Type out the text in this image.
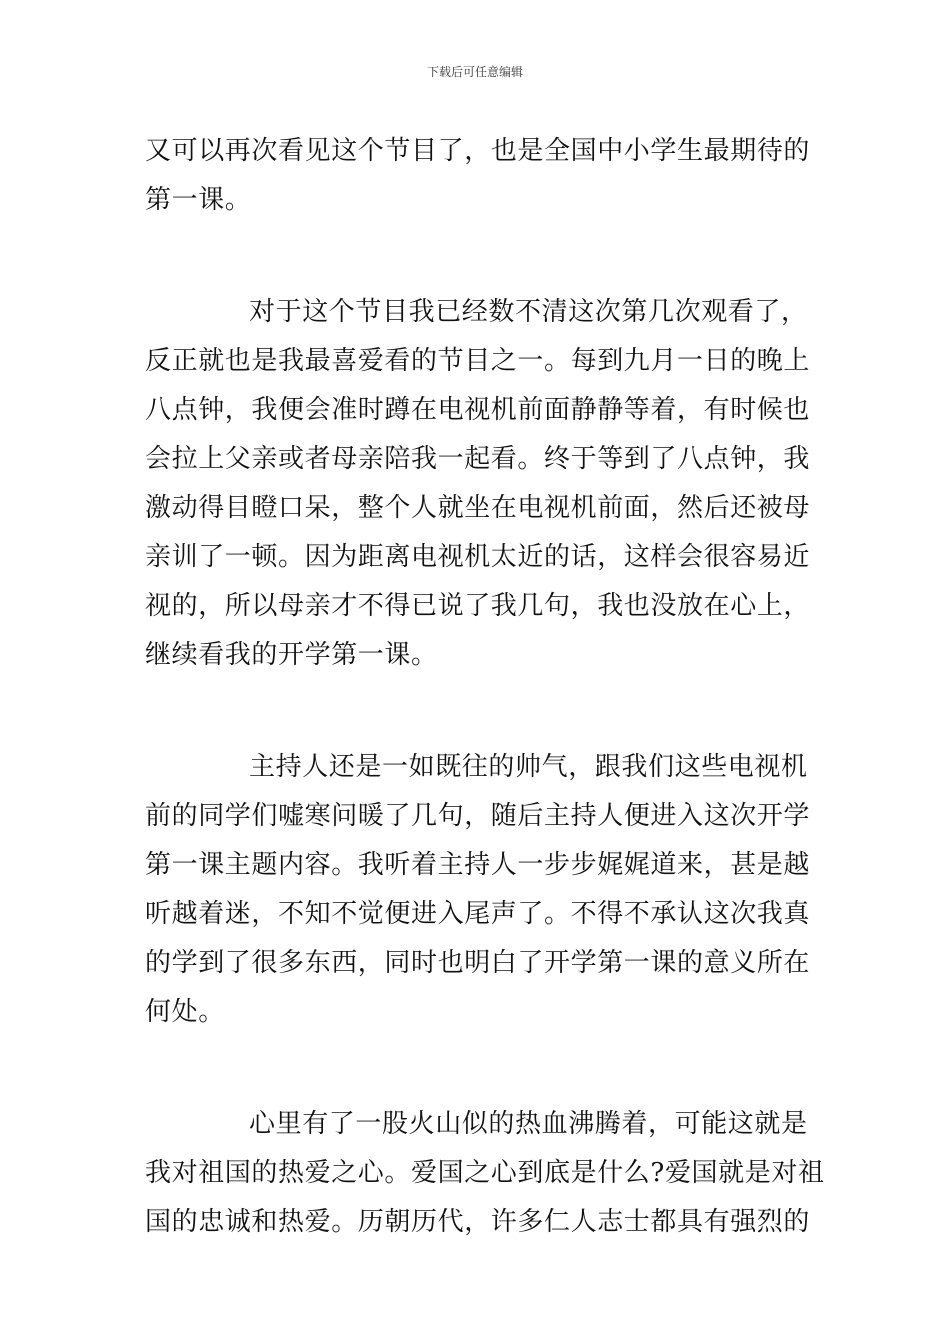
下载后可任意编辑
又可以再次看见这个节目了，也是全国中小学生最期待的
第一课。
对于这个节目我已经数不清这次第几次观看了，
反正就也是我最喜爱看的节目之一。每到九月一日的晚上
八点钟，我便会准时蹲在电视机前面静静等着，有时候也
会拉上父亲或者母亲陪我一起看。终于等到了八点钟，我
激动得目瞪口呆，整个人就坐在电视机前面，然后还被母
亲训了一顿。因为距离电视机太近的话，这样会很容易近
视的，所以母亲才不得已说了我几句，我也没放在心上，
继续看我的开学第一课。
主持人还是一如既往的帅气，跟我们这些电视机
前的同学们嘘寒问暖了几句，随后主持人便进入这次开学
第一课主题内容。我听着主持人一步步娓娓道来，甚是越
听越着迷，不知不觉便进入尾声了。不得不承认这次我真
的学到了很多东西，同时也明白了开学第一课的意义所在
何处。
心里有了一股火山似的热血沸腾着，可能这就是
我对祖国的热爱之心。爱国之心到底是什么?爱国就是对祖
国的忠诚和热爱。历朝历代，许多仁人志士都具有强烈的
